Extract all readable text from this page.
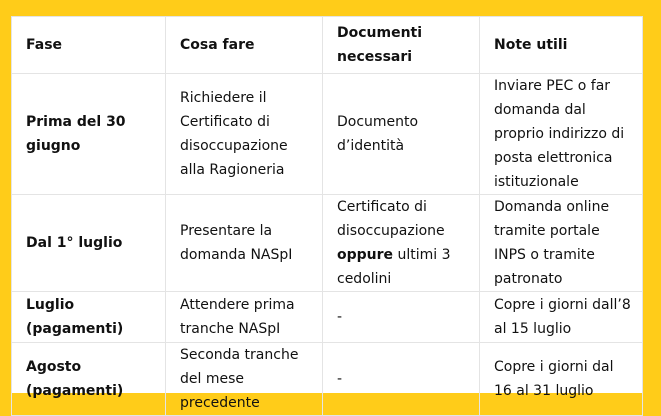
Fase	Cosa fare	Documenti necessari	Note utili
Prima del 30 giugno	Richiedere il Certificato di disoccupazione alla Ragioneria	Documento d’identità	Inviare PEC o far domanda dal proprio indirizzo di posta elettronica istituzionale
Dal 1° luglio	Presentare la domanda NASpI	Certificato di disoccupazione oppure ultimi 3 cedolini	Domanda online tramite portale INPS o tramite patronato
Luglio (pagamenti)	Attendere prima tranche NASpI	-	Copre i giorni dall’8 al 15 luglio
Agosto (pagamenti)	Seconda tranche del mese precedente	-	Copre i giorni dal 16 al 31 luglio
